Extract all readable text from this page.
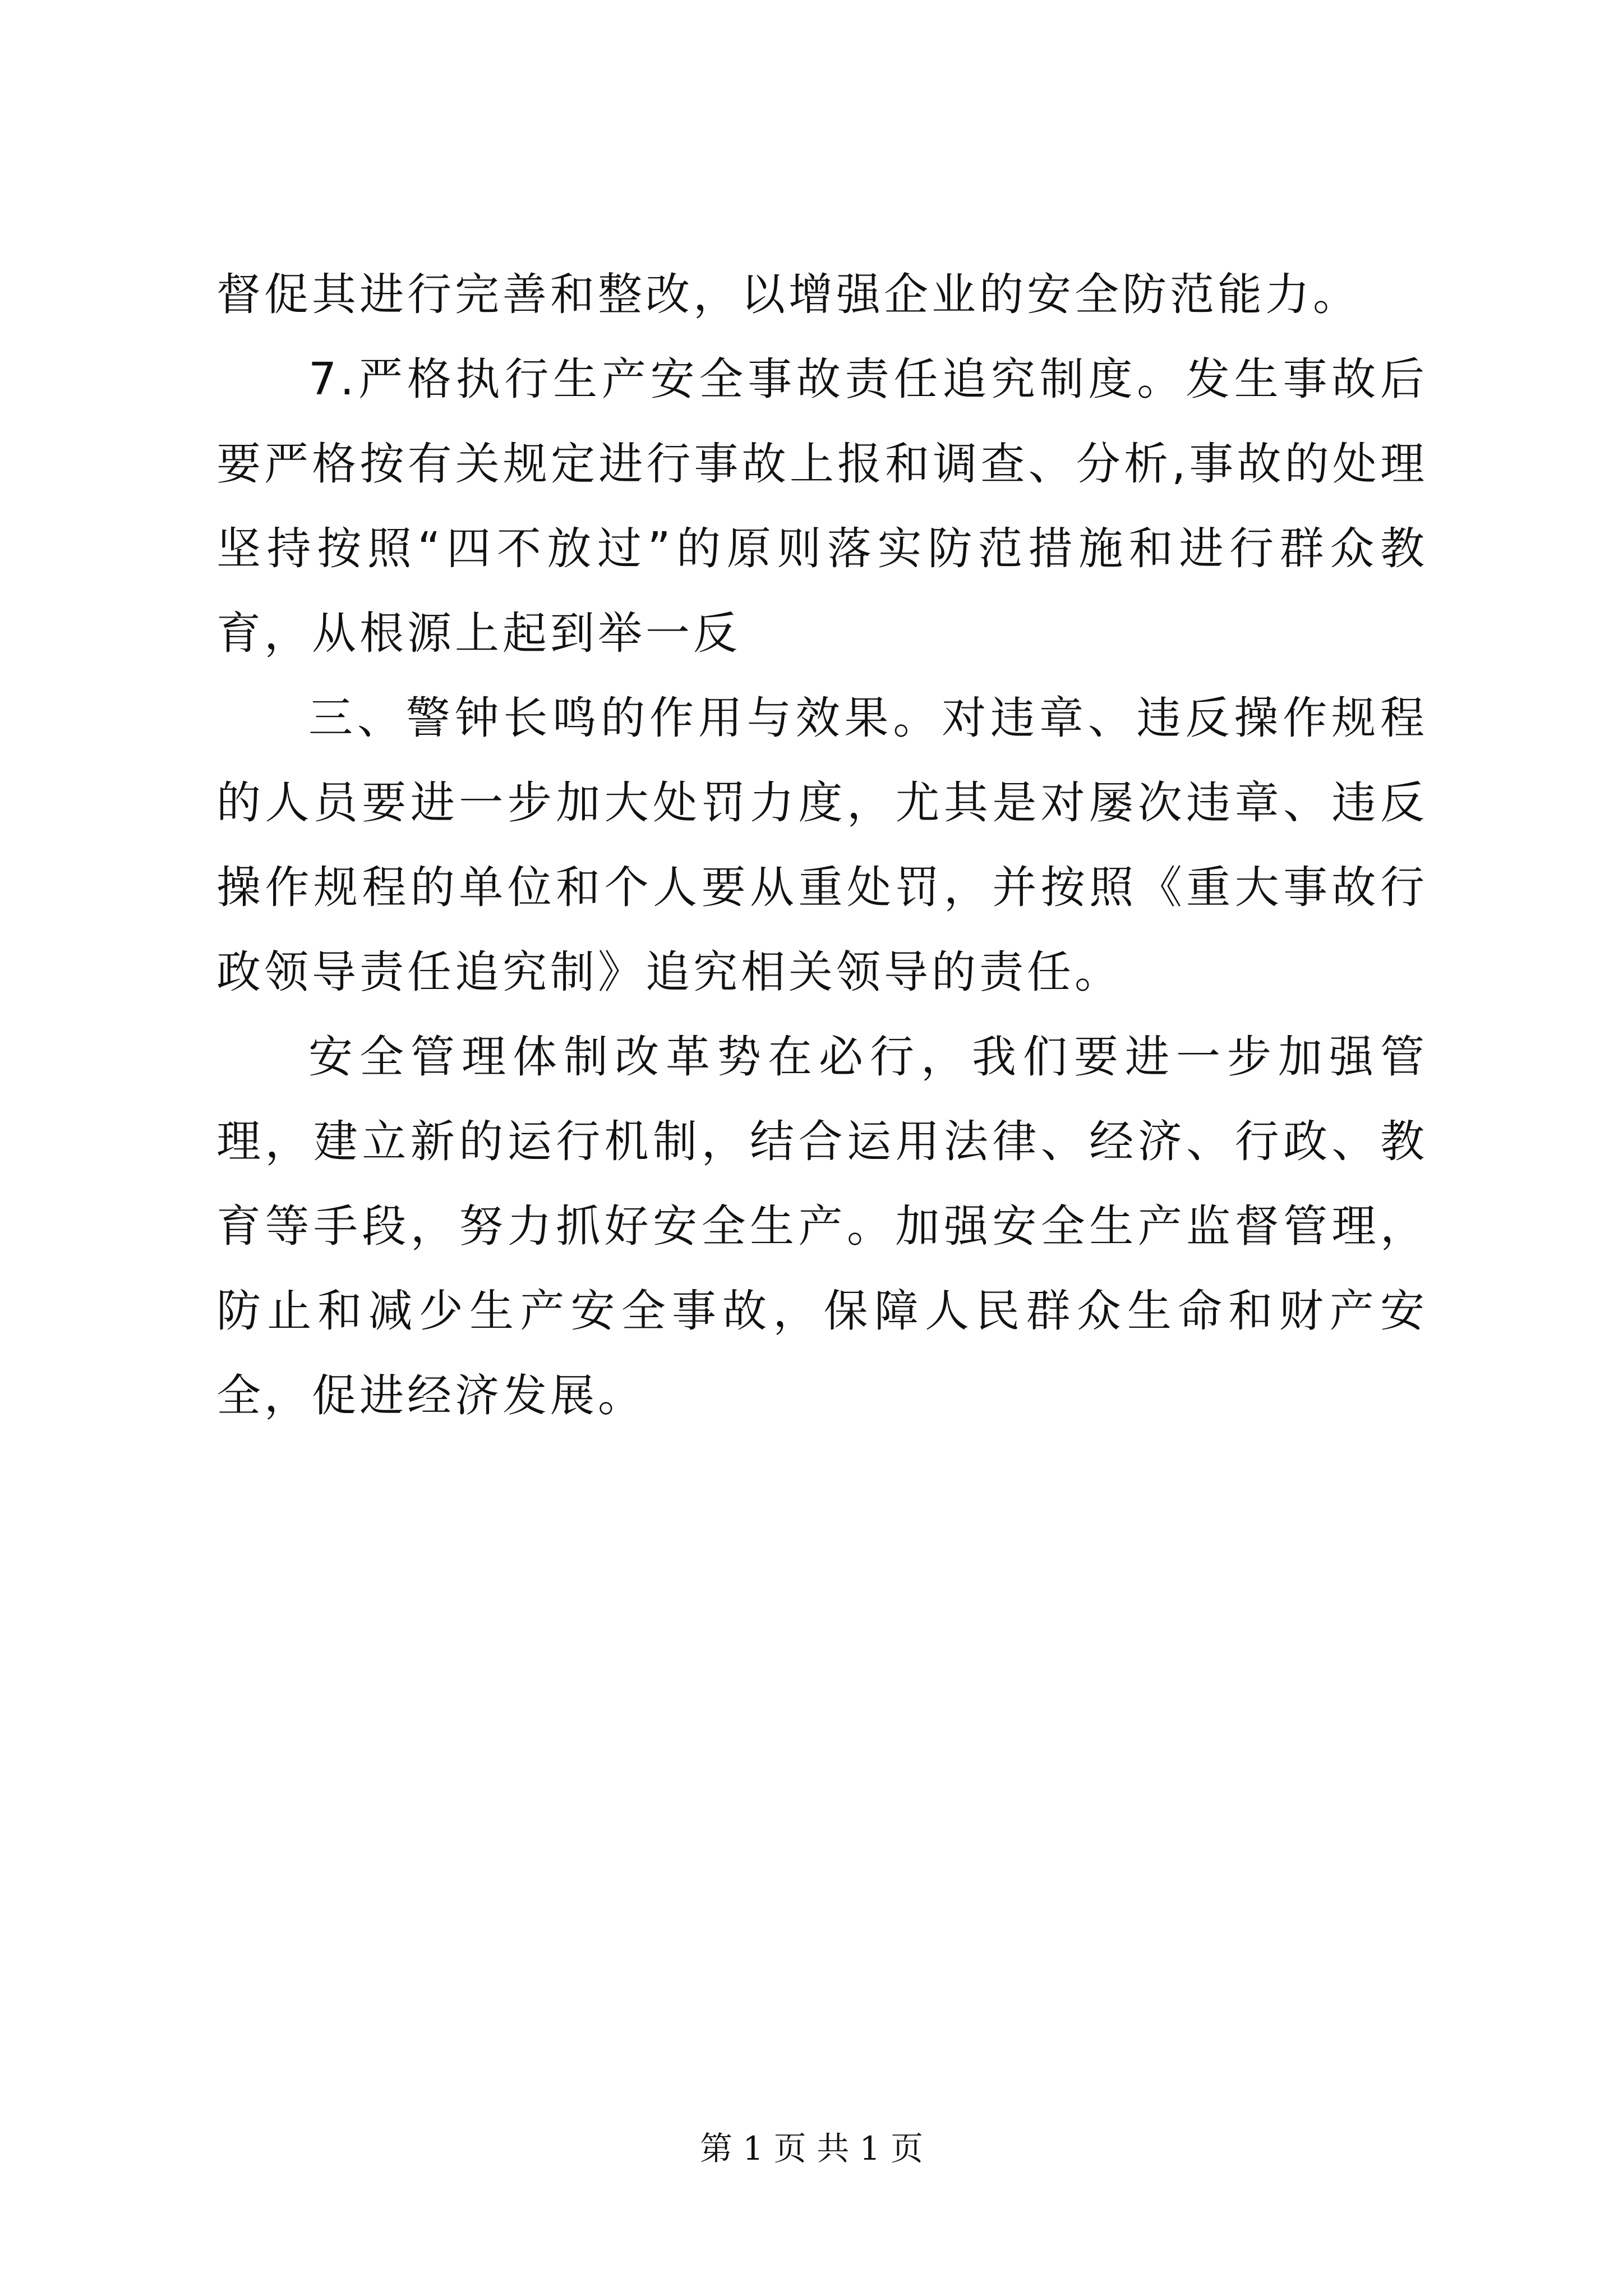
督促其进行完善和整改，以增强企业的安全防范能力。

7.严格执行生产安全事故责任追究制度。发生事故后要严格按有关规定进行事故上报和调查、分析,事故的处理坚持按照“四不放过”的原则落实防范措施和进行群众教育，从根源上起到举一反

三、警钟长鸣的作用与效果。对违章、违反操作规程的人员要进一步加大处罚力度，尤其是对屡次违章、违反操作规程的单位和个人要从重处罚，并按照《重大事故行政领导责任追究制》追究相关领导的责任。

安全管理体制改革势在必行，我们要进一步加强管理，建立新的运行机制，结合运用法律、经济、行政、教育等手段，努力抓好安全生产。加强安全生产监督管理，防止和减少生产安全事故，保障人民群众生命和财产安全，促进经济发展。

第 1 页 共 1 页
